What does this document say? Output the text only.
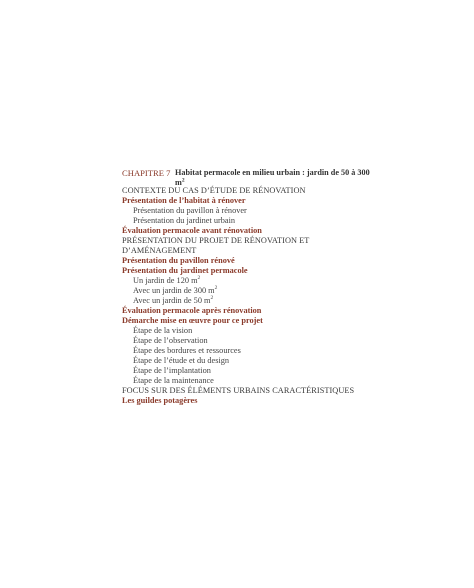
CHAPITRE 7 Habitat permacole en milieu urbain : jardin de 50 à 300 $m^2$
CONTEXTE DU CAS D’ÉTUDE DE RÉNOVATION
Présentation de l’habitat à rénover
Présentation du pavillon à rénover
Présentation du jardinet urbain
Évaluation permacole avant rénovation
PRÉSENTATION DU PROJET DE RÉNOVATION ET D’AMÉNAGEMENT
Présentation du pavillon rénové
Présentation du jardinet permacole
Un jardin de 120 $m^2$
Avec un jardin de 300 $m^2$
Avec un jardin de 50 $m^2$
Évaluation permacole après rénovation
Démarche mise en œuvre pour ce projet
Étape de la vision
Étape de l’observation
Étape des bordures et ressources
Étape de l’étude et du design
Étape de l’implantation
Étape de la maintenance
FOCUS SUR DES ÉLÉMENTS URBAINS CARACTÉRISTIQUES
Les guildes potagères
